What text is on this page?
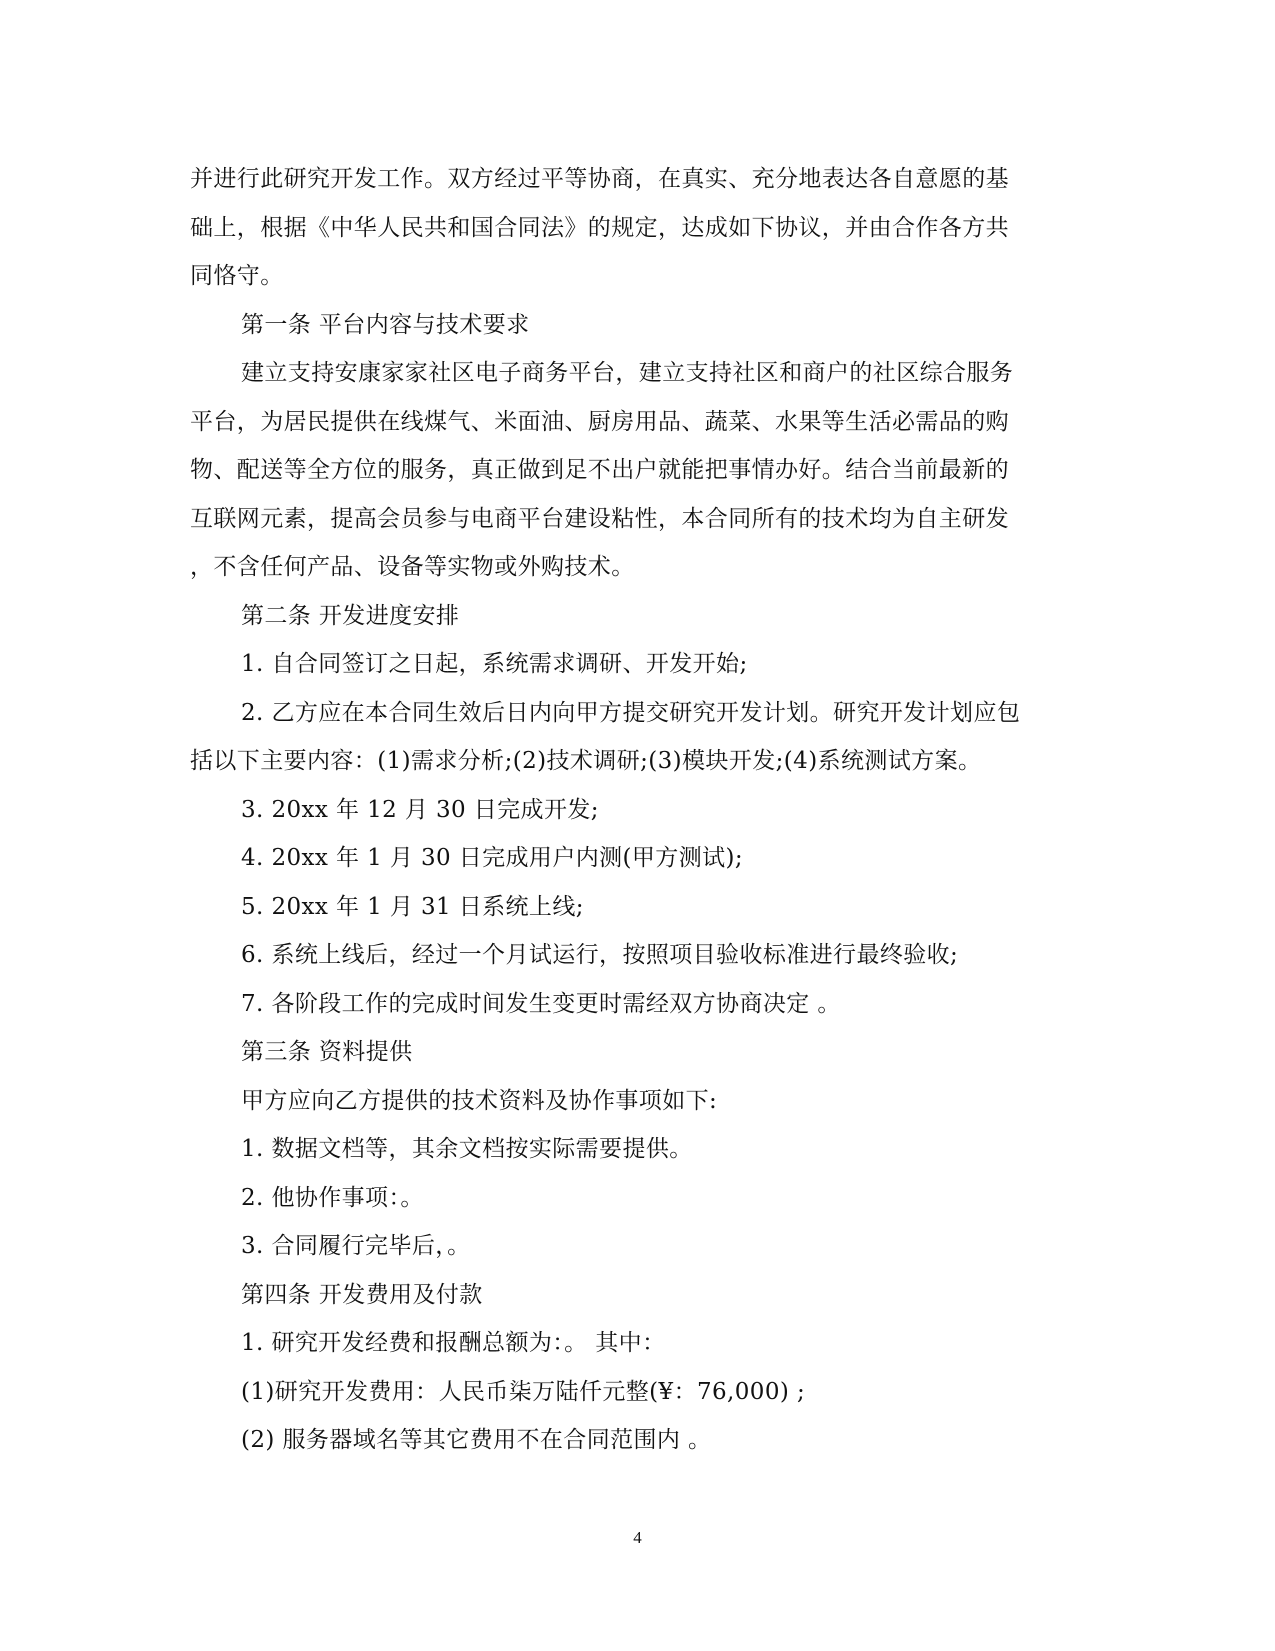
并进行此研究开发工作。双方经过平等协商，在真实、充分地表达各自意愿的基
础上，根据《中华人民共和国合同法》的规定，达成如下协议，并由合作各方共
同恪守。
第一条 平台内容与技术要求
建立支持安康家家社区电子商务平台，建立支持社区和商户的社区综合服务
平台，为居民提供在线煤气、米面油、厨房用品、蔬菜、水果等生活必需品的购
物、配送等全方位的服务，真正做到足不出户就能把事情办好。结合当前最新的
互联网元素，提高会员参与电商平台建设粘性，本合同所有的技术均为自主研发
，不含任何产品、设备等实物或外购技术。
第二条 开发进度安排
1. 自合同签订之日起，系统需求调研、开发开始;
2. 乙方应在本合同生效后日内向甲方提交研究开发计划。研究开发计划应包
括以下主要内容：(1)需求分析;(2)技术调研;(3)模块开发;(4)系统测试方案。
3. 20xx 年 12 月 30 日完成开发;
4. 20xx 年 1 月 30 日完成用户内测(甲方测试);
5. 20xx 年 1 月 31 日系统上线;
6. 系统上线后，经过一个月试运行，按照项目验收标准进行最终验收;
7. 各阶段工作的完成时间发生变更时需经双方协商决定 。
第三条 资料提供
甲方应向乙方提供的技术资料及协作事项如下:
1. 数据文档等，其余文档按实际需要提供。
2. 他协作事项：。
3. 合同履行完毕后，。
第四条 开发费用及付款
1. 研究开发经费和报酬总额为：。 其中：
(1)研究开发费用：人民币柒万陆仟元整(¥：76,000) ;
(2) 服务器域名等其它费用不在合同范围内 。
4
